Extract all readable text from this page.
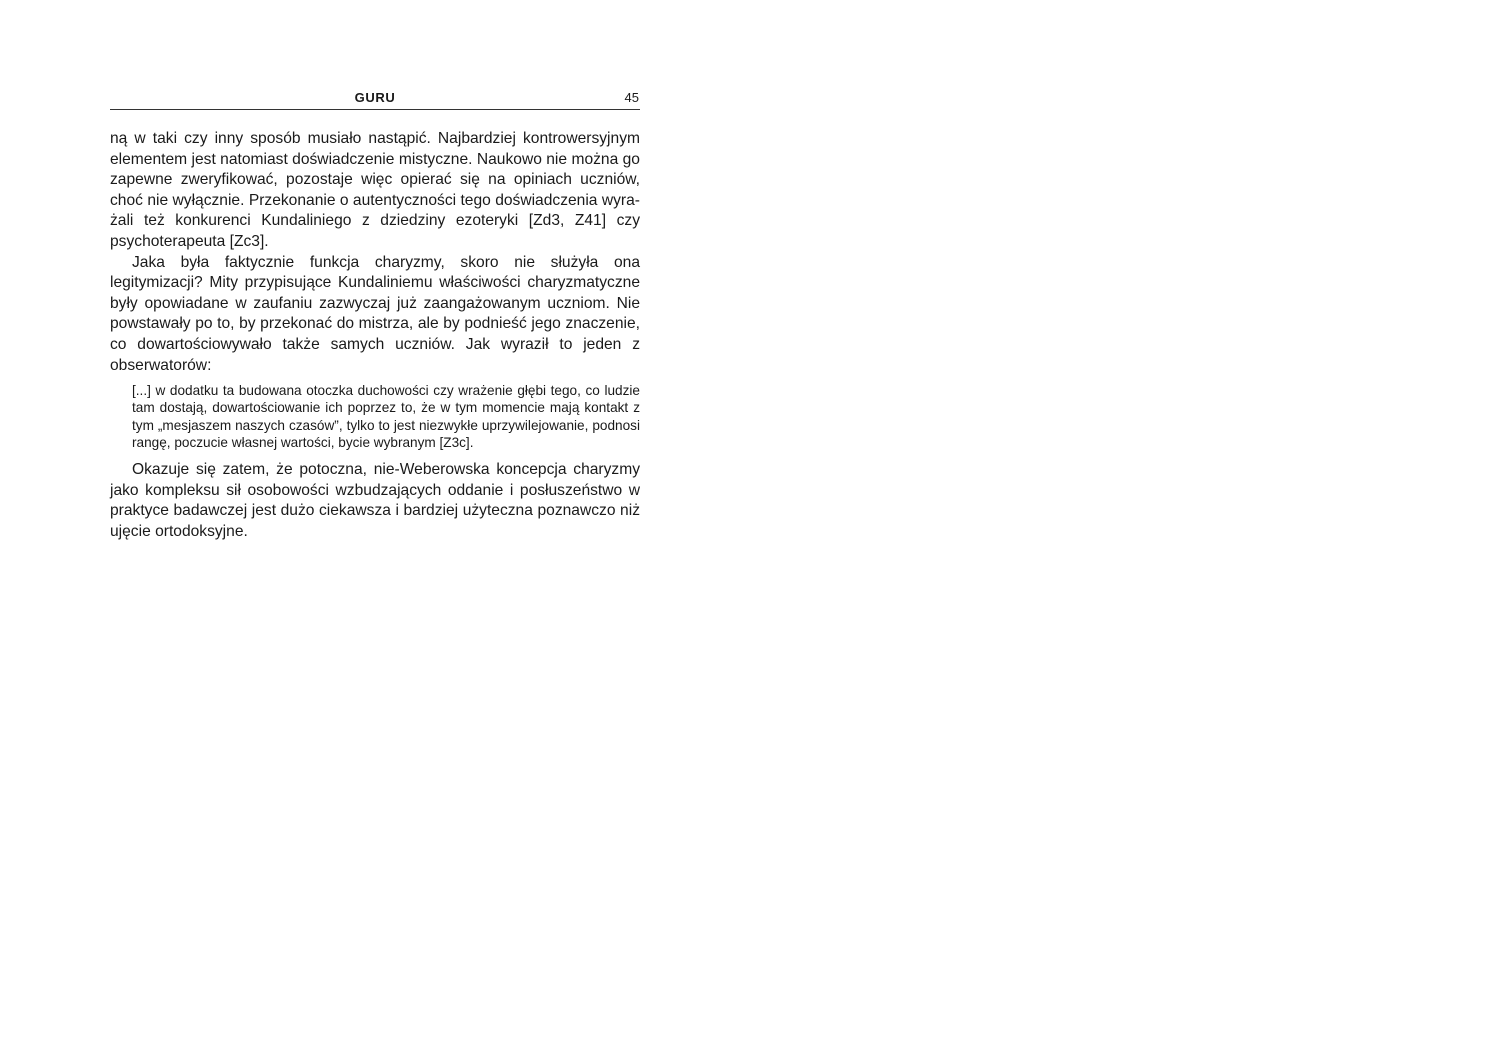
GURU	45

ną w taki czy inny sposób musiało nastąpić. Najbardziej kontrowersyjnym elementem jest natomiast doświadczenie mistyczne. Naukowo nie można go zapewne zweryfikować, pozostaje więc opierać się na opiniach uczniów, choć nie wyłącznie. Przekonanie o autentyczności tego doświadczenia wyrażali też konkurenci Kundaliniego z dziedziny ezoteryki [Zd3, Z41] czy psychoterapeuta [Zc3].

Jaka była faktycznie funkcja charyzmy, skoro nie służyła ona legitymizacji? Mity przypisujące Kundaliniemu właściwości charyzmatyczne były opowiadane w zaufaniu zazwyczaj już zaangażowanym uczniom. Nie powstawały po to, by przekonać do mistrza, ale by podnieść jego znaczenie, co dowartościowywało także samych uczniów. Jak wyraził to jeden z obserwatorów:

[...] w dodatku ta budowana otoczka duchowości czy wrażenie głębi tego, co ludzie tam dostają, dowartościowanie ich poprzez to, że w tym momencie mają kontakt z tym „mesjaszem naszych czasów”, tylko to jest niezwykłe uprzywilejowanie, podnosi rangę, poczucie własnej wartości, bycie wybranym [Z3c].

Okazuje się zatem, że potoczna, nie-Weberowska koncepcja charyzmy jako kompleksu sił osobowości wzbudzających oddanie i posłuszeństwo w praktyce badawczej jest dużo ciekawsza i bardziej użyteczna poznawczo niż ujęcie ortodoksyjne.
